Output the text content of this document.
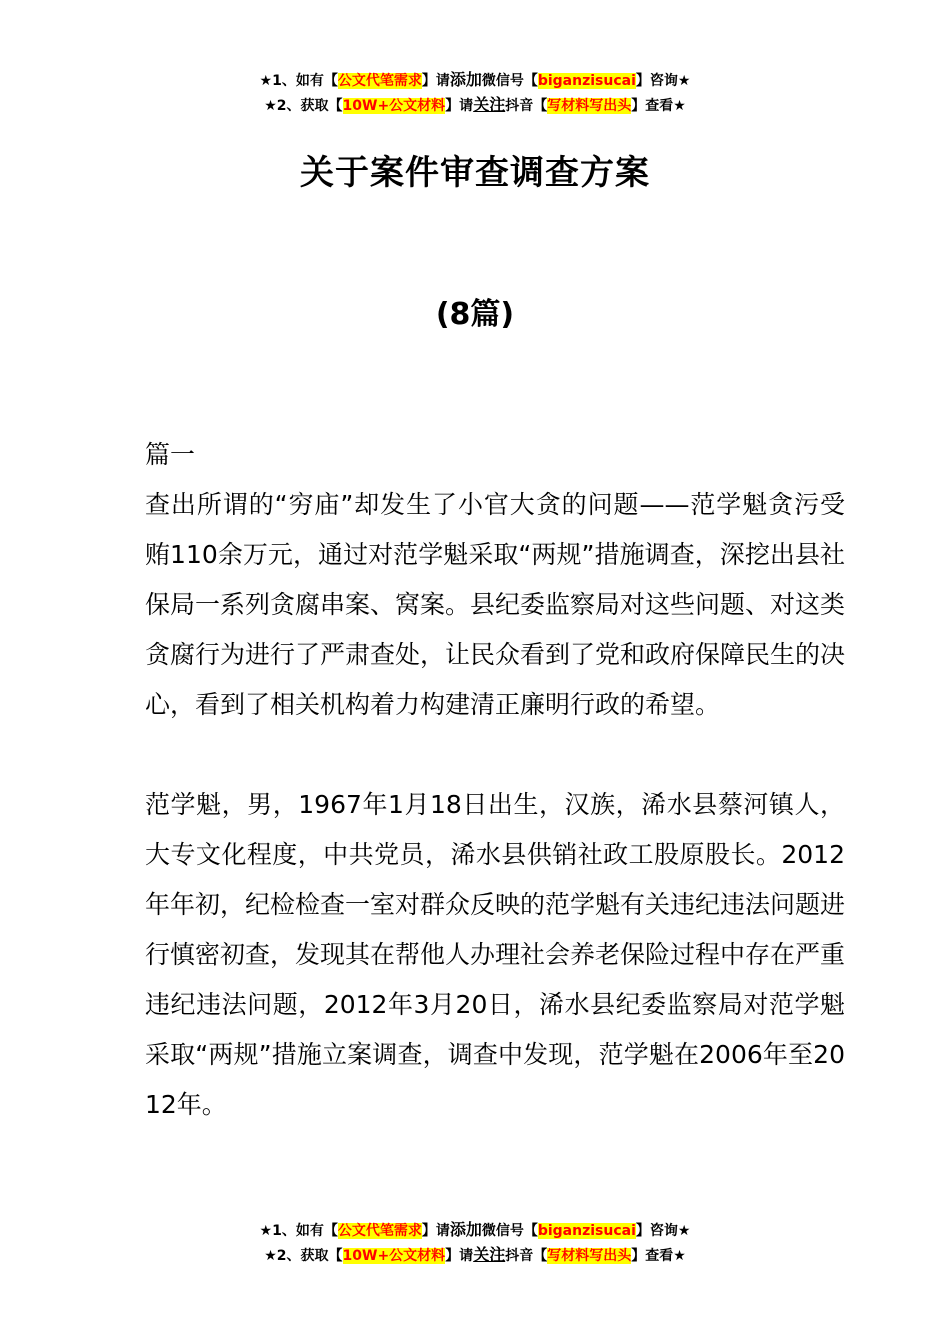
★1、如有【公文代笔需求】请添加微信号【biganzisucai】咨询★
★2、获取【10W+公文材料】请关注抖音【写材料写出头】查看★
关于案件审查调查方案
(8篇)

篇一

查出所谓的“穷庙”却发生了小官大贪的问题——范学魁贪污受贿110余万元，通过对范学魁采取“两规”措施调查，深挖出县社保局一系列贪腐串案、窝案。县纪委监察局对这些问题、对这类贪腐行为进行了严肃查处，让民众看到了党和政府保障民生的决心，看到了相关机构着力构建清正廉明行政的希望。

范学魁，男，1967年1月18日出生，汉族，浠水县蔡河镇人，大专文化程度，中共党员，浠水县供销社政工股原股长。2012年年初，纪检检查一室对群众反映的范学魁有关违纪违法问题进行慎密初查，发现其在帮他人办理社会养老保险过程中存在严重违纪违法问题，2012年3月20日，浠水县纪委监察局对范学魁采取“两规”措施立案调查，调查中发现，范学魁在2006年至2012年。

★1、如有【公文代笔需求】请添加微信号【biganzisucai】咨询★
★2、获取【10W+公文材料】请关注抖音【写材料写出头】查看★
